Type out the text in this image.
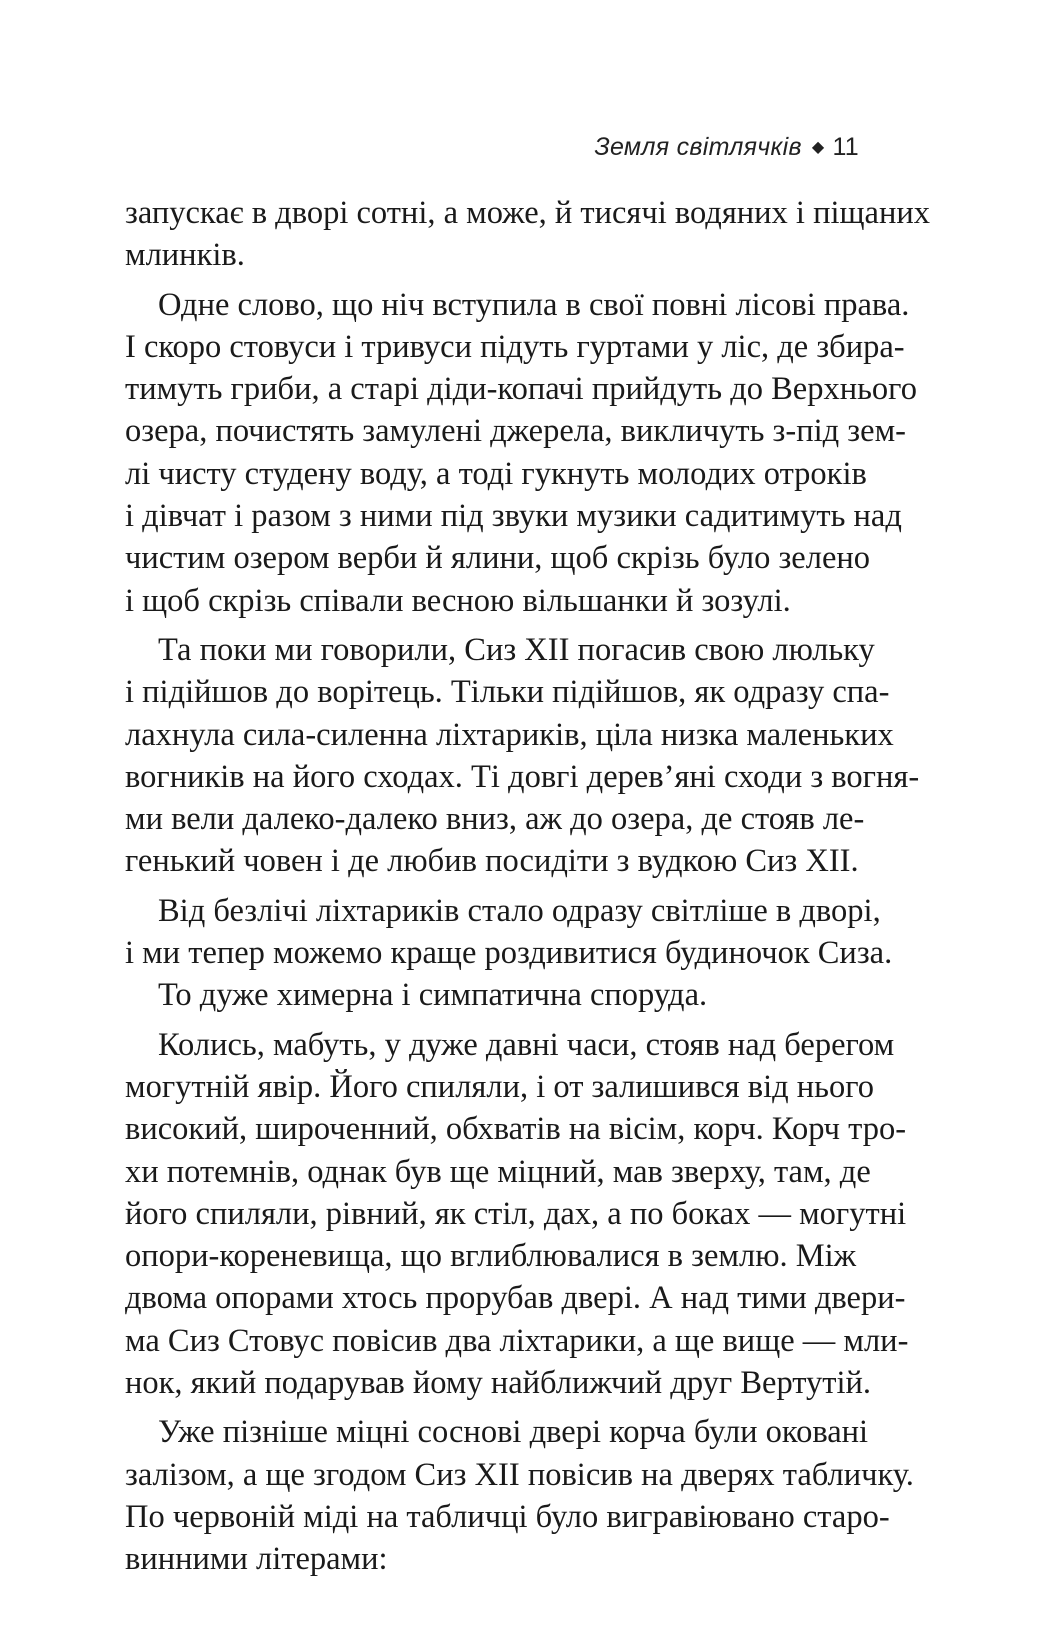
Земля світлячків ◆ 11

запускає в дворі сотні, а може, й тисячі водяних і піщаних
млинків.

Одне слово, що ніч вступила в свої повні лісові права.
І скоро стовуси і тривуси підуть гуртами у ліс, де збира-
тимуть гриби, а старі діди-копачі прийдуть до Верхнього
озера, почистять замулені джерела, викличуть з-під зем-
лі чисту студену воду, а тоді гукнуть молодих отроків
і дівчат і разом з ними під звуки музики садитимуть над
чистим озером верби й ялини, щоб скрізь було зелено
і щоб скрізь співали весною вільшанки й зозулі.

Та поки ми говорили, Сиз ХІІ погасив свою люльку
і підійшов до ворітець. Тільки підійшов, як одразу спа-
лахнула сила-силенна ліхтариків, ціла низка маленьких
вогників на його сходах. Ті довгі дерев’яні сходи з вогня-
ми вели далеко-далеко вниз, аж до озера, де стояв ле-
генький човен і де любив посидіти з вудкою Сиз ХІІ.

Від безлічі ліхтариків стало одразу світліше в дворі,
і ми тепер можемо краще роздивитися будиночок Сиза.

То дуже химерна і симпатична споруда.

Колись, мабуть, у дуже давні часи, стояв над берегом
могутній явір. Його спиляли, і от залишився від нього
високий, широченний, обхватів на вісім, корч. Корч тро-
хи потемнів, однак був ще міцний, мав зверху, там, де
його спиляли, рівний, як стіл, дах, а по боках — могутні
опори-кореневища, що вглиблювалися в землю. Між
двома опорами хтось прорубав двері. А над тими двери-
ма Сиз Стовус повісив два ліхтарики, а ще вище — мли-
нок, який подарував йому найближчий друг Вертутій.

Уже пізніше міцні соснові двері корча були оковані
залізом, а ще згодом Сиз ХІІ повісив на дверях табличку.
По червоній міді на табличці було вигравіювано старо-
винними літерами:
